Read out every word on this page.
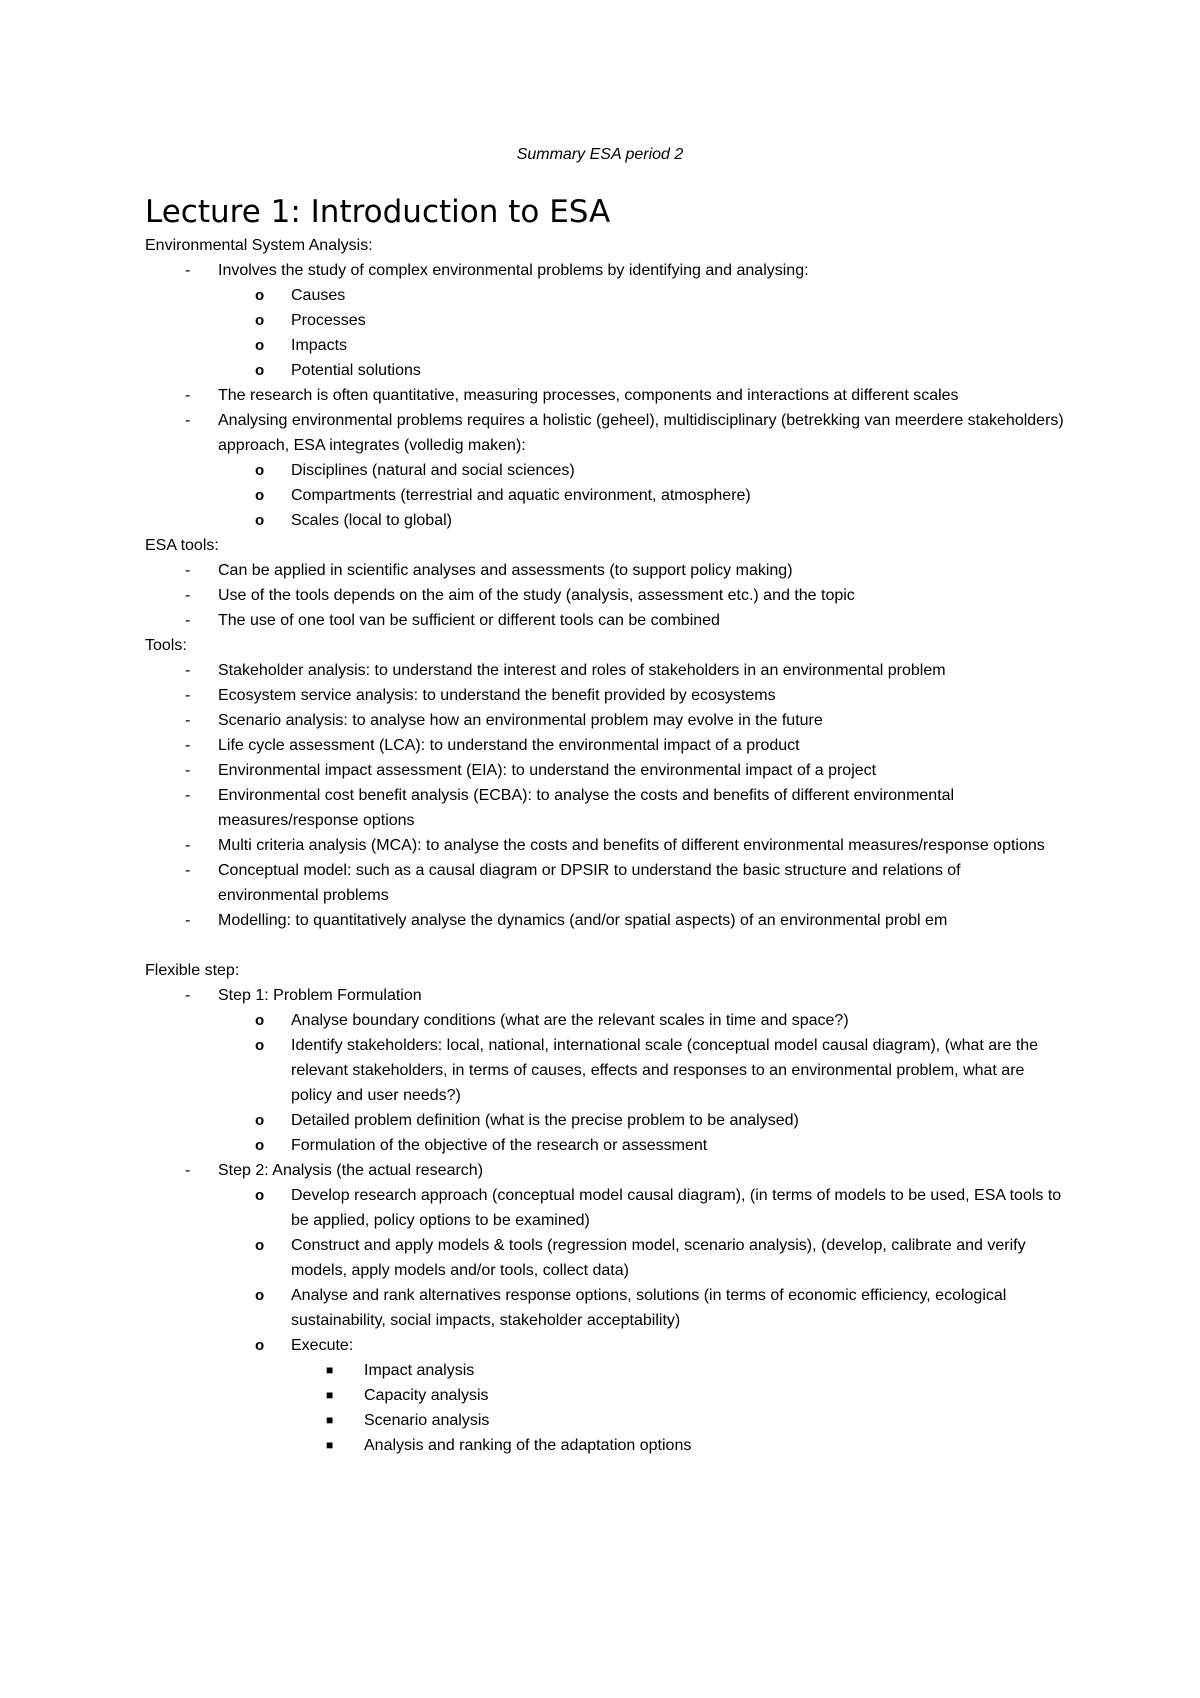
Summary ESA period 2
Lecture 1: Introduction to ESA
Environmental System Analysis:
- Involves the study of complex environmental problems by identifying and analysing:
o Causes
o Processes
o Impacts
o Potential solutions
- The research is often quantitative, measuring processes, components and interactions at different scales
- Analysing environmental problems requires a holistic (geheel), multidisciplinary (betrekking van meerdere stakeholders) approach, ESA integrates (volledig maken):
o Disciplines (natural and social sciences)
o Compartments (terrestrial and aquatic environment, atmosphere)
o Scales (local to global)
ESA tools:
- Can be applied in scientific analyses and assessments (to support policy making)
- Use of the tools depends on the aim of the study (analysis, assessment etc.) and the topic
- The use of one tool van be sufficient or different tools can be combined
Tools:
- Stakeholder analysis: to understand the interest and roles of stakeholders in an environmental problem
- Ecosystem service analysis: to understand the benefit provided by ecosystems
- Scenario analysis: to analyse how an environmental problem may evolve in the future
- Life cycle assessment (LCA): to understand the environmental impact of a product
- Environmental impact assessment (EIA): to understand the environmental impact of a project
- Environmental cost benefit analysis (ECBA): to analyse the costs and benefits of different environmental measures/response options
- Multi criteria analysis (MCA): to analyse the costs and benefits of different environmental measures/response options
- Conceptual model: such as a causal diagram or DPSIR to understand the basic structure and relations of environmental problems
- Modelling: to quantitatively analyse the dynamics (and/or spatial aspects) of an environmental probl em
Flexible step:
- Step 1: Problem Formulation
o Analyse boundary conditions (what are the relevant scales in time and space?)
o Identify stakeholders: local, national, international scale (conceptual model causal diagram), (what are the relevant stakeholders, in terms of causes, effects and responses to an environmental problem, what are policy and user needs?)
o Detailed problem definition (what is the precise problem to be analysed)
o Formulation of the objective of the research or assessment
- Step 2: Analysis (the actual research)
o Develop research approach (conceptual model causal diagram), (in terms of models to be used, ESA tools to be applied, policy options to be examined)
o Construct and apply models & tools (regression model, scenario analysis), (develop, calibrate and verify models, apply models and/or tools, collect data)
o Analyse and rank alternatives response options, solutions (in terms of economic efficiency, ecological sustainability, social impacts, stakeholder acceptability)
o Execute:
■ Impact analysis
■ Capacity analysis
■ Scenario analysis
■ Analysis and ranking of the adaptation options
